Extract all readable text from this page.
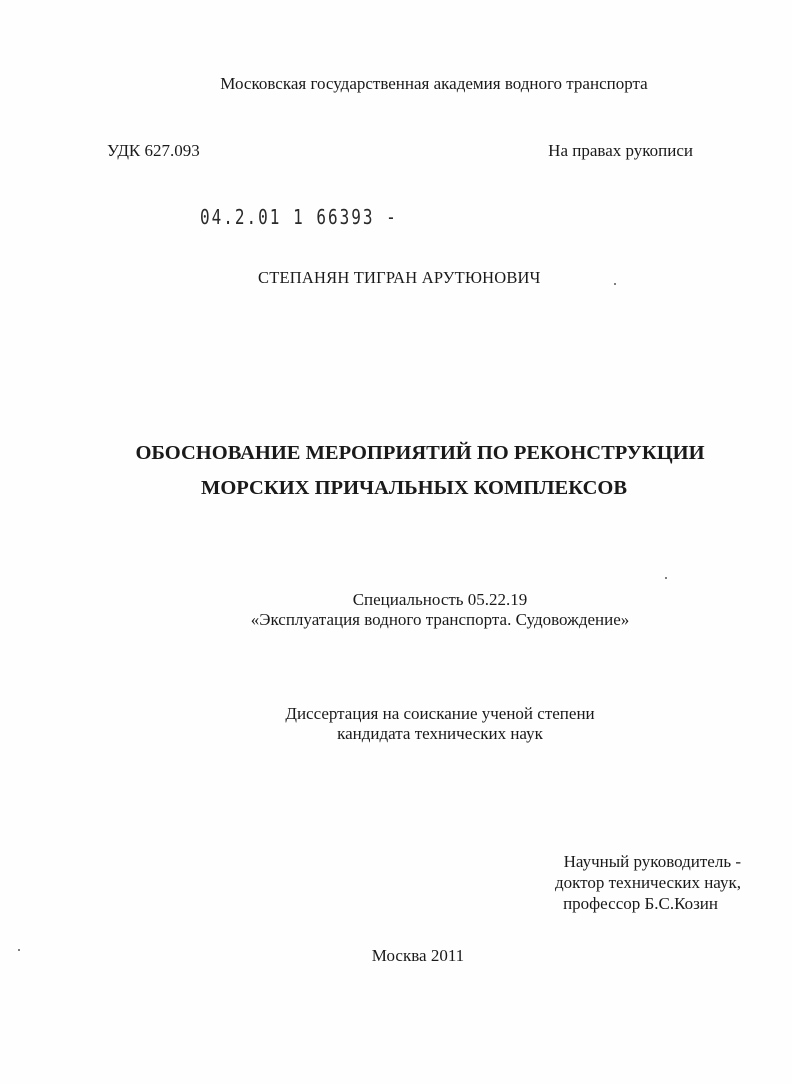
Московская государственная академия водного транспорта
УДК 627.093	На правах рукописи
04.2.01 1 66393 -
СТЕПАНЯН ТИГРАН АРУТЮНОВИЧ
ОБОСНОВАНИЕ МЕРОПРИЯТИЙ ПО РЕКОНСТРУКЦИИ
МОРСКИХ ПРИЧАЛЬНЫХ КОМПЛЕКСОВ
Специальность 05.22.19
«Эксплуатация водного транспорта. Судовождение»
Диссертация на соискание ученой степени
кандидата технических наук
Научный руководитель -
доктор технических наук,
профессор Б.С.Козин
Москва 2011
